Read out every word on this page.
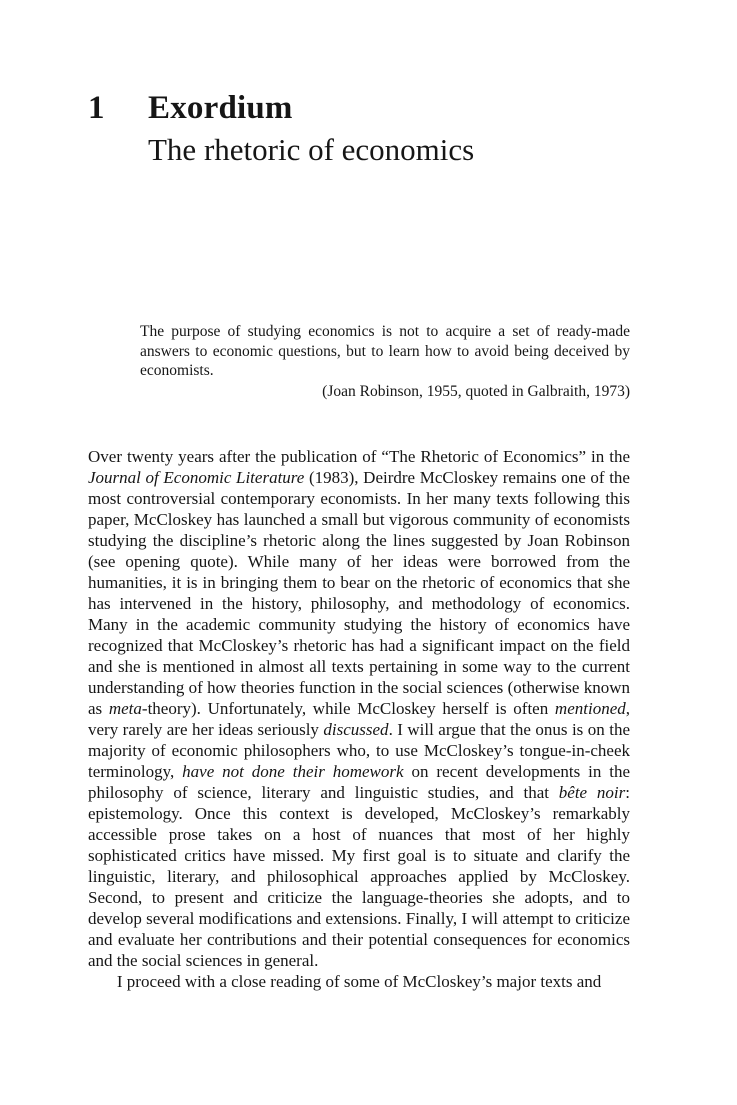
1	Exordium
The rhetoric of economics
The purpose of studying economics is not to acquire a set of ready-made answers to economic questions, but to learn how to avoid being deceived by economists.
(Joan Robinson, 1955, quoted in Galbraith, 1973)

Over twenty years after the publication of “The Rhetoric of Economics” in the Journal of Economic Literature (1983), Deirdre McCloskey remains one of the most controversial contemporary economists. In her many texts following this paper, McCloskey has launched a small but vigorous community of economists studying the discipline’s rhetoric along the lines suggested by Joan Robinson (see opening quote). While many of her ideas were borrowed from the humanities, it is in bringing them to bear on the rhetoric of economics that she has intervened in the history, philosophy, and methodology of economics. Many in the academic community studying the history of economics have recognized that McCloskey’s rhetoric has had a significant impact on the field and she is mentioned in almost all texts pertaining in some way to the current understanding of how theories function in the social sciences (otherwise known as meta-theory). Unfortunately, while McCloskey herself is often mentioned, very rarely are her ideas seriously discussed. I will argue that the onus is on the majority of economic philosophers who, to use McCloskey’s tongue-in-cheek terminology, have not done their homework on recent developments in the philosophy of science, literary and linguistic studies, and that bête noir: epistemology. Once this context is developed, McCloskey’s remarkably accessible prose takes on a host of nuances that most of her highly sophisticated critics have missed. My first goal is to situate and clarify the linguistic, literary, and philosophical approaches applied by McCloskey. Second, to present and criticize the language-theories she adopts, and to develop several modifications and extensions. Finally, I will attempt to criticize and evaluate her contributions and their potential consequences for economics and the social sciences in general.

I proceed with a close reading of some of McCloskey’s major texts and
